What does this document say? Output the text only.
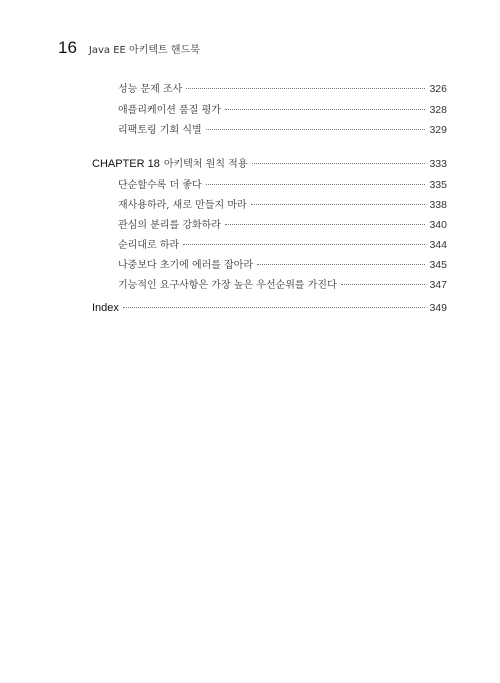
16 Java EE 아키텍트 핸드북
성능 문제 조사	326
애플리케이션 품질 평가	328
리팩토링 기회 식별	329
CHAPTER 18 아키텍처 원칙 적용	333
단순할수록 더 좋다	335
재사용하라, 새로 만들지 마라	338
관심의 분리를 강화하라	340
순리대로 하라	344
나중보다 초기에 에러를 잡아라	345
기능적인 요구사항은 가장 높은 우선순위를 가진다	347
Index	349
